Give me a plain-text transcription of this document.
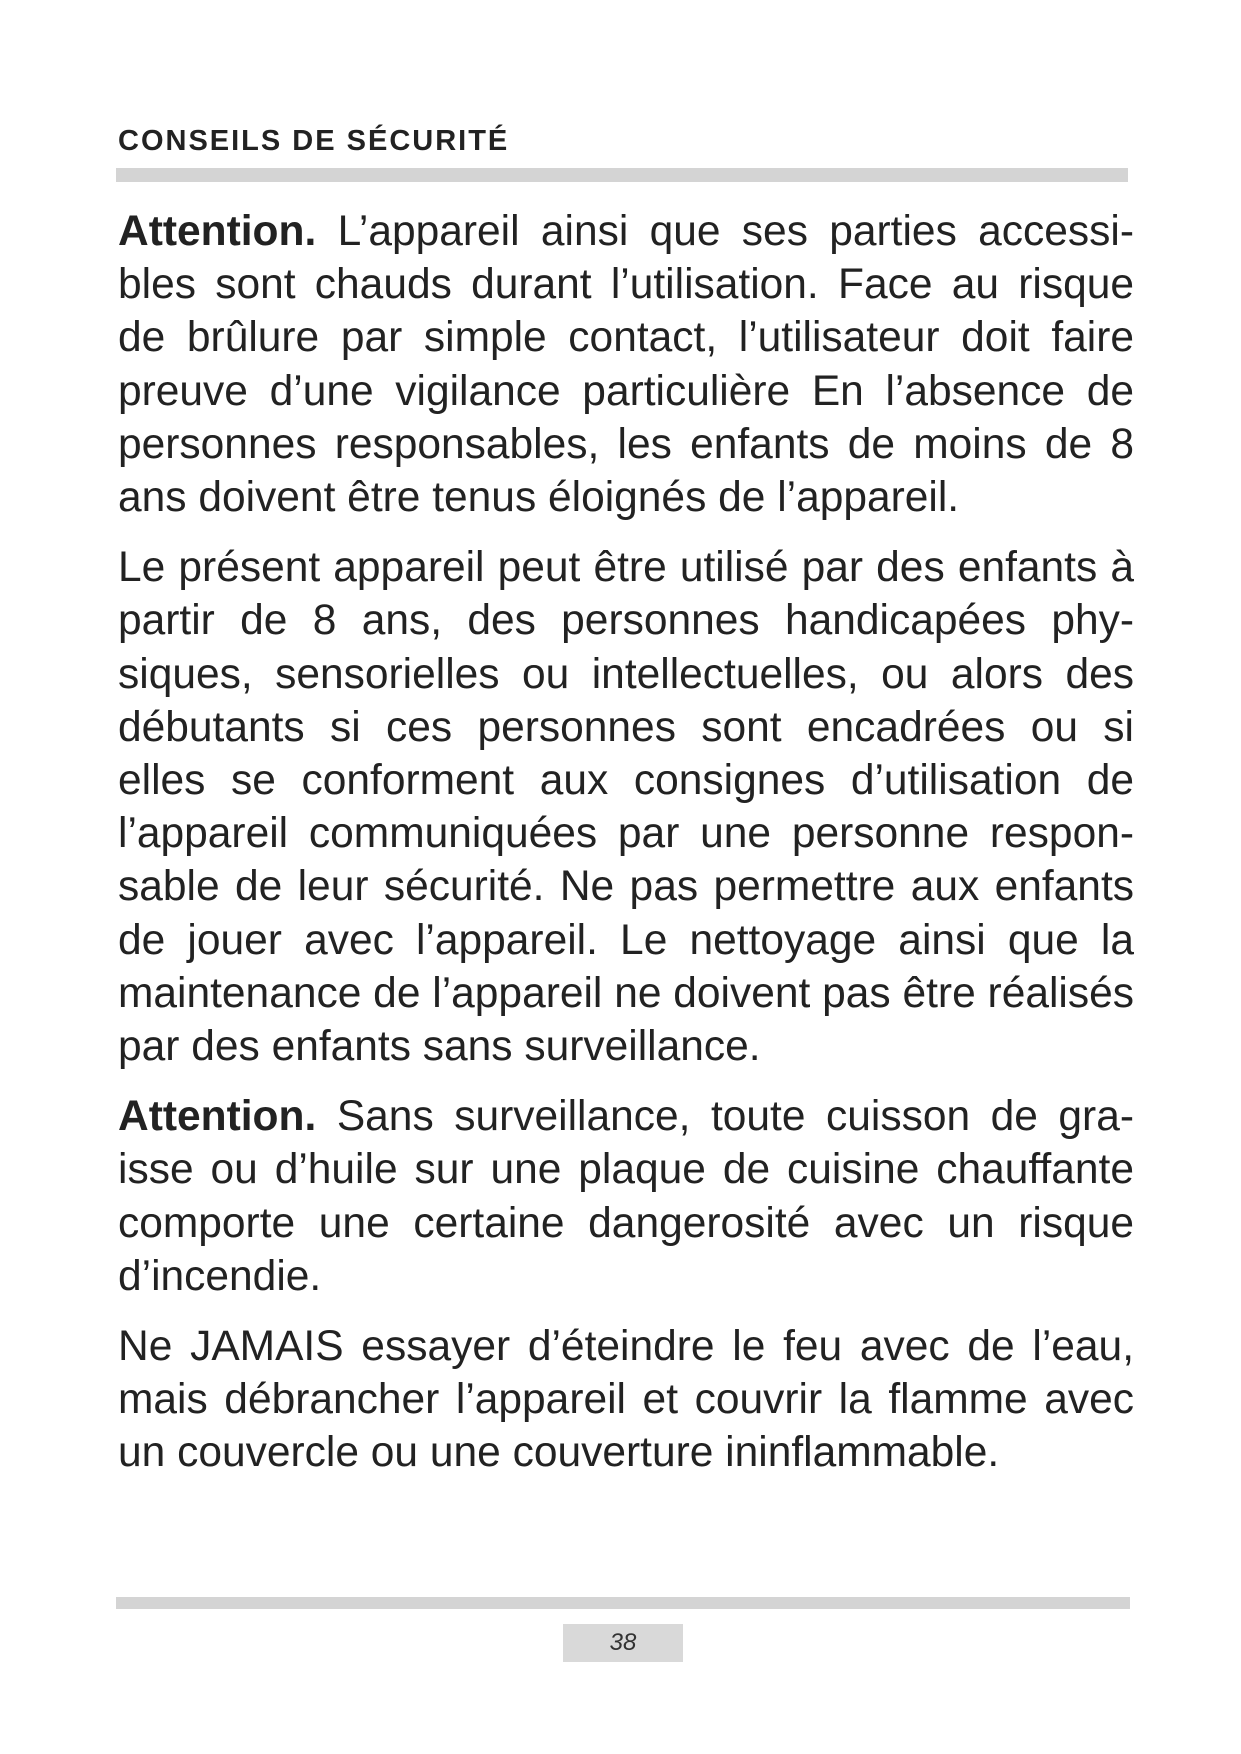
CONSEILS DE SÉCURITÉ

Attention. L’appareil ainsi que ses parties accessibles sont chauds durant l’utilisation. Face au risque de brûlure par simple contact, l’utilisateur doit faire preuve d’une vigilance particulière En l’absence de personnes responsables, les enfants de moins de 8 ans doivent être tenus éloignés de l’appareil.

Le présent appareil peut être utilisé par des enfants à partir de 8 ans, des personnes handicapées physiques, sensorielles ou intellectuelles, ou alors des débutants si ces personnes sont encadrées ou si elles se conforment aux consignes d’utilisation de l’appareil communiquées par une personne responsable de leur sécurité. Ne pas permettre aux enfants de jouer avec l’appareil. Le nettoyage ainsi que la maintenance de l’appareil ne doivent pas être réalisés par des enfants sans surveillance.

Attention. Sans surveillance, toute cuisson de graisse ou d’huile sur une plaque de cuisine chauffante comporte une certaine dangerosité avec un risque d’incendie.

Ne JAMAIS essayer d’éteindre le feu avec de l’eau, mais débrancher l’appareil et couvrir la flamme avec un couvercle ou une couverture ininflammable.

38
